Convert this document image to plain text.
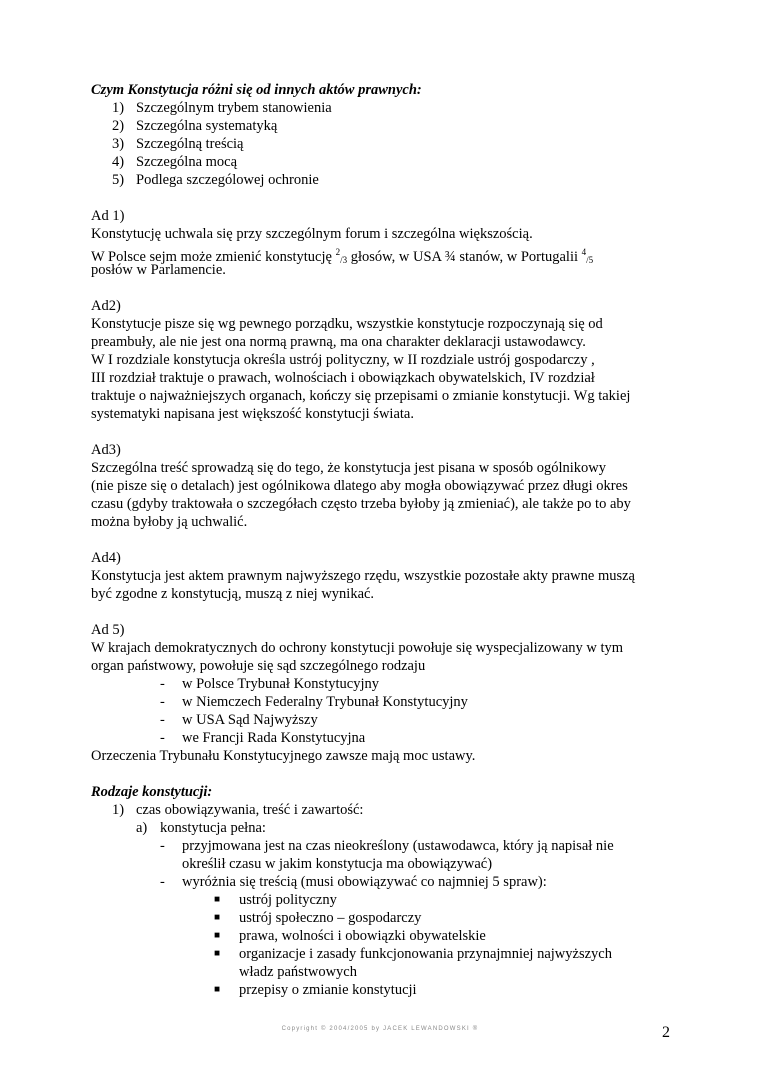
Czym Konstytucja różni się od innych aktów prawnych:
1) Szczególnym trybem stanowienia
2) Szczególna systematyką
3) Szczególną treścią
4) Szczególna mocą
5) Podlega szczególowej ochronie
Ad 1)
Konstytucję uchwala się przy szczególnym forum i szczególna większością.
W Polsce sejm może zmienić konstytucję $^2_{/3}$ głosów, w USA ¾ stanów, w Portugalii $^4_{/5}$
posłów w Parlamencie.
Ad2)
Konstytucje pisze się wg pewnego porządku, wszystkie konstytucje rozpoczynają się od
preambuły, ale nie jest ona normą prawną, ma ona charakter deklaracji ustawodawcy.
W I rozdziale konstytucja określa ustrój polityczny, w II rozdziale ustrój gospodarczy ,
III rozdział traktuje o prawach, wolnościach i obowiązkach obywatelskich, IV rozdział
traktuje o najważniejszych organach, kończy się przepisami o zmianie konstytucji. Wg takiej
systematyki napisana jest większość konstytucji świata.
Ad3)
Szczególna treść sprowadzą się do tego, że konstytucja jest pisana w sposób ogólnikowy
(nie pisze się o detalach) jest ogólnikowa dlatego aby mogła obowiązywać przez długi okres
czasu (gdyby traktowała o szczegółach często trzeba byłoby ją zmieniać), ale także po to aby
można byłoby ją uchwalić.
Ad4)
Konstytucja jest aktem prawnym najwyższego rzędu, wszystkie pozostałe akty prawne muszą
być zgodne z konstytucją, muszą z niej wynikać.
Ad 5)
W krajach demokratycznych do ochrony konstytucji powołuje się wyspecjalizowany w tym
organ państwowy, powołuje się sąd szczególnego rodzaju
- w Polsce Trybunał Konstytucyjny
- w Niemczech Federalny Trybunał Konstytucyjny
- w USA Sąd Najwyższy
- we Francji Rada Konstytucyjna
Orzeczenia Trybunału Konstytucyjnego zawsze mają moc ustawy.
Rodzaje konstytucji:
1) czas obowiązywania, treść i zawartość:
a) konstytucja pełna:
- przyjmowana jest na czas nieokreślony (ustawodawca, który ją napisał nie
określił czasu w jakim konstytucja ma obowiązywać)
- wyróżnia się treścią (musi obowiązywać co najmniej 5 spraw):
■ ustrój polityczny
■ ustrój społeczno – gospodarczy
■ prawa, wolności i obowiązki obywatelskie
■ organizacje i zasady funkcjonowania przynajmniej najwyższych
władz państwowych
■ przepisy o zmianie konstytucji
Copyright © 2004/2005 by JACEK LEWANDOWSKI ®	2
